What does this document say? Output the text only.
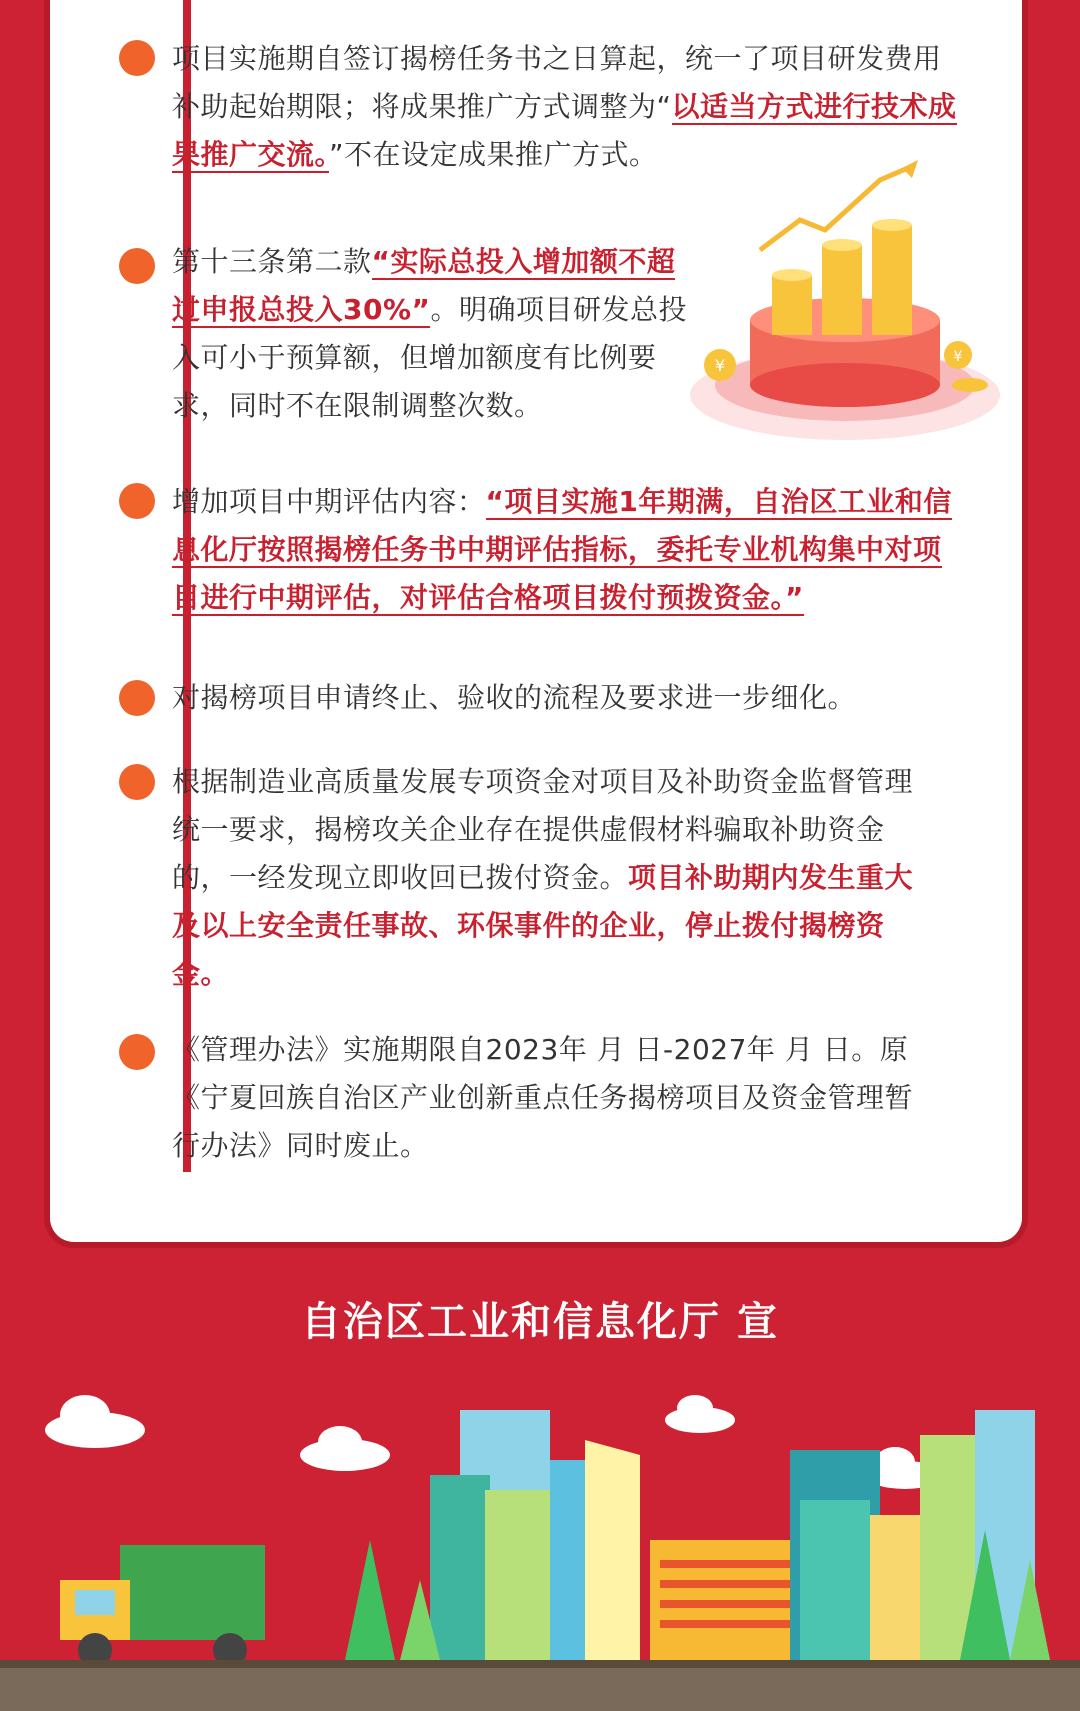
项目实施期自签订揭榜任务书之日算起，统一了项目研发费用补助起始期限；将成果推广方式调整为“以适当方式进行技术成果推广交流。”不在设定成果推广方式。
第十三条第二款“实际总投入增加额不超过申报总投入30%”。明确项目研发总投入可小于预算额，但增加额度有比例要求，同时不在限制调整次数。
¥	¥
增加项目中期评估内容：“项目实施1年期满，自治区工业和信息化厅按照揭榜任务书中期评估指标，委托专业机构集中对项目进行中期评估，对评估合格项目拨付预拨资金。”
对揭榜项目申请终止、验收的流程及要求进一步细化。
根据制造业高质量发展专项资金对项目及补助资金监督管理统一要求，揭榜攻关企业存在提供虚假材料骗取补助资金的，一经发现立即收回已拨付资金。项目补助期内发生重大及以上安全责任事故、环保事件的企业，停止拨付揭榜资金。
《管理办法》实施期限自2023年 月 日-2027年 月 日。原《宁夏回族自治区产业创新重点任务揭榜项目及资金管理暂行办法》同时废止。
自治区工业和信息化厅 宣
